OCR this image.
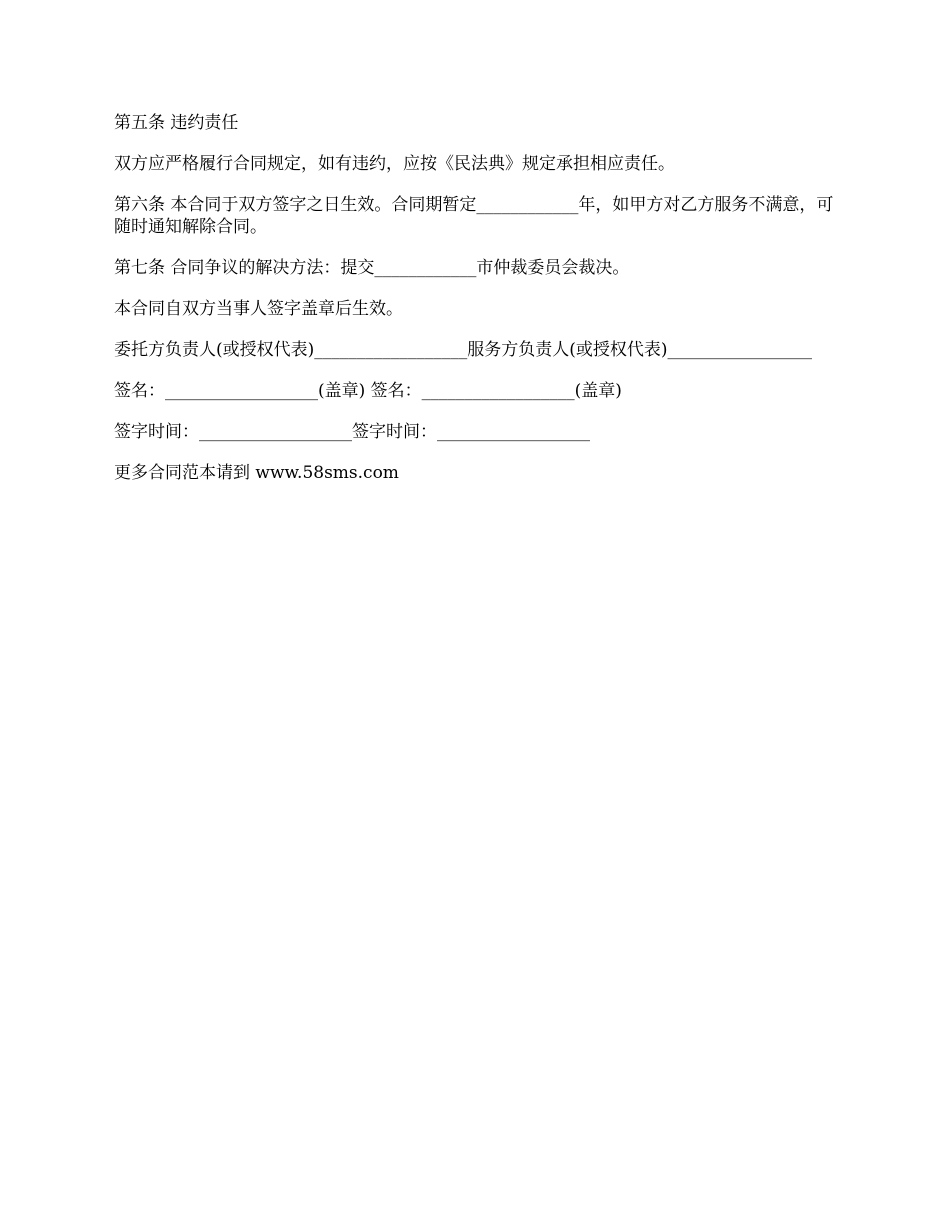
第五条 违约责任

双方应严格履行合同规定，如有违约，应按《民法典》规定承担相应责任。

第六条 本合同于双方签字之日生效。合同期暂定____________年，如甲方对乙方服务不满意，可随时通知解除合同。

第七条 合同争议的解决方法：提交____________市仲裁委员会裁决。

本合同自双方当事人签字盖章后生效。

委托方负责人(或授权代表)__________________服务方负责人(或授权代表)_________________

签名：__________________(盖章) 签名：__________________(盖章)

签字时间：__________________签字时间：__________________

更多合同范本请到 www.58sms.com
